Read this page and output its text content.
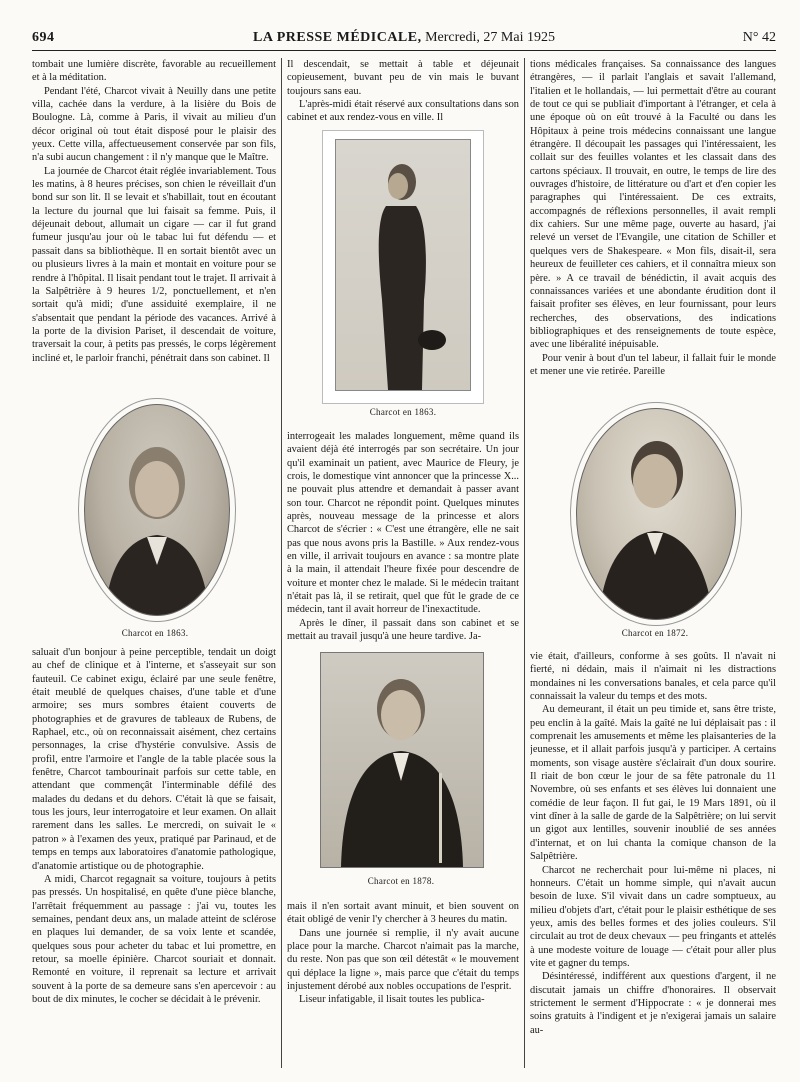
694	LA PRESSE MÉDICALE, Mercredi, 27 Mai 1925	N° 42

tombait une lumière discrète, favorable au recueillement et à la méditation.

Pendant l'été, Charcot vivait à Neuilly dans une petite villa, cachée dans la verdure, à la lisière du Bois de Boulogne. Là, comme à Paris, il vivait au milieu d'un décor original où tout était disposé pour le plaisir des yeux. Cette villa, affectueusement conservée par son fils, n'a subi aucun changement : il n'y manque que le Maître.

La journée de Charcot était réglée invariablement. Tous les matins, à 8 heures précises, son chien le réveillait d'un bond sur son lit. Il se levait et s'habillait, tout en écoutant la lecture du journal que lui faisait sa femme. Puis, il déjeunait debout, allumait un cigare — car il fut grand fumeur jusqu'au jour où le tabac lui fut défendu — et passait dans sa bibliothèque. Il en sortait bientôt avec un ou plusieurs livres à la main et montait en voiture pour se rendre à l'hôpital. Il lisait pendant tout le trajet. Il arrivait à la Salpêtrière à 9 heures 1/2, ponctuellement, et n'en sortait qu'à midi; d'une assiduité exemplaire, il ne s'absentait que pendant la période des vacances. Arrivé à la porte de la division Pariset, il descendait de voiture, traversait la cour, à petits pas pressés, le corps légèrement incliné et, le parloir franchi, pénétrait dans son cabinet. Il

Charcot en 1863.

saluait d'un bonjour à peine perceptible, tendait un doigt au chef de clinique et à l'interne, et s'asseyait sur son fauteuil. Ce cabinet exigu, éclairé par une seule fenêtre, était meublé de quelques chaises, d'une table et d'une armoire; ses murs sombres étaient couverts de photographies et de gravures de tableaux de Rubens, de Raphael, etc., où on reconnaissait aisément, chez certains personnages, la crise d'hystérie convulsive. Assis de profil, entre l'armoire et l'angle de la table placée sous la fenêtre, Charcot tambourinait parfois sur cette table, en attendant que commençât l'interminable défilé des malades du dedans et du dehors. C'était là que se faisait, tous les jours, leur interrogatoire et leur examen. On allait rarement dans les salles. Le mercredi, on suivait le « patron » à l'examen des yeux, pratiqué par Parinaud, et de temps en temps aux laboratoires d'anatomie pathologique, d'anatomie artistique ou de photographie.

A midi, Charcot regagnait sa voiture, toujours à petits pas pressés. Un hospitalisé, en quête d'une pièce blanche, l'arrêtait fréquemment au passage : j'ai vu, toutes les semaines, pendant deux ans, un malade atteint de sclérose en plaques lui demander, de sa voix lente et scandée, quelques sous pour acheter du tabac et lui promettre, en retour, sa moelle épinière. Charcot souriait et donnait. Remonté en voiture, il reprenait sa lecture et arrivait souvent à la porte de sa demeure sans s'en apercevoir : au bout de dix minutes, le cocher se décidait à le prévenir.

Il descendait, se mettait à table et déjeunait copieusement, buvant peu de vin mais le buvant toujours sans eau.

L'après-midi était réservé aux consultations dans son cabinet et aux rendez-vous en ville. Il

Charcot en 1863.

interrogeait les malades longuement, même quand ils avaient déjà été interrogés par son secrétaire. Un jour qu'il examinait un patient, avec Maurice de Fleury, je crois, le domestique vint annoncer que la princesse X... ne pouvait plus attendre et demandait à passer avant son tour. Charcot ne répondit point. Quelques minutes après, nouveau message de la princesse et alors Charcot de s'écrier : « C'est une étrangère, elle ne sait pas que nous avons pris la Bastille. » Aux rendez-vous en ville, il arrivait toujours en avance : sa montre plate à la main, il attendait l'heure fixée pour descendre de voiture et monter chez le malade. Si le médecin traitant n'était pas là, il se retirait, quel que fût le grade de ce médecin, tant il avait horreur de l'inexactitude.

Après le dîner, il passait dans son cabinet et se mettait au travail jusqu'à une heure tardive. Ja-

Charcot en 1878.

mais il n'en sortait avant minuit, et bien souvent on était obligé de venir l'y chercher à 3 heures du matin.

Dans une journée si remplie, il n'y avait aucune place pour la marche. Charcot n'aimait pas la marche, du reste. Non pas que son œil détestât « le mouvement qui déplace la ligne », mais parce que c'était du temps injustement dérobé aux nobles occupations de l'esprit.

Liseur infatigable, il lisait toutes les publica-

tions médicales françaises. Sa connaissance des langues étrangères, — il parlait l'anglais et savait l'allemand, l'italien et le hollandais, — lui permettait d'être au courant de tout ce qui se publiait d'important à l'étranger, et cela à une époque où on eût trouvé à la Faculté ou dans les Hôpitaux à peine trois médecins connaissant une langue étrangère. Il découpait les passages qui l'intéressaient, les collait sur des feuilles volantes et les classait dans des cartons spéciaux. Il trouvait, en outre, le temps de lire des ouvrages d'histoire, de littérature ou d'art et d'en copier les paragraphes qui l'intéressaient. De ces extraits, accompagnés de réflexions personnelles, il avait rempli dix cahiers. Sur une même page, ouverte au hasard, j'ai relevé un verset de l'Evangile, une citation de Schiller et quelques vers de Shakespeare. « Mon fils, disait-il, sera heureux de feuilleter ces cahiers, et il connaîtra mieux son père. » A ce travail de bénédictin, il avait acquis des connaissances variées et une abondante érudition dont il faisait profiter ses élèves, en leur fournissant, pour leurs recherches, des observations, des indications bibliographiques et des renseignements de toute espèce, avec une libéralité inépuisable.

Pour venir à bout d'un tel labeur, il fallait fuir le monde et mener une vie retirée. Pareille

Charcot en 1872.

vie était, d'ailleurs, conforme à ses goûts. Il n'avait ni fierté, ni dédain, mais il n'aimait ni les distractions mondaines ni les conversations banales, et cela parce qu'il connaissait la valeur du temps et des mots.

Au demeurant, il était un peu timide et, sans être triste, peu enclin à la gaîté. Mais la gaîté ne lui déplaisait pas : il comprenait les amusements et même les plaisanteries de la jeunesse, et il allait parfois jusqu'à y participer. A certains moments, son visage austère s'éclairait d'un doux sourire. Il riait de bon cœur le jour de sa fête patronale du 11 Novembre, où ses enfants et ses élèves lui donnaient une comédie de leur façon. Il fut gai, le 19 Mars 1891, où il vint dîner à la salle de garde de la Salpêtrière; on lui servit un gigot aux lentilles, souvenir inoublié de ses années d'internat, et on lui chanta la comique chanson de la Salpêtrière.

Charcot ne recherchait pour lui-même ni places, ni honneurs. C'était un homme simple, qui n'avait aucun besoin de luxe. S'il vivait dans un cadre somptueux, au milieu d'objets d'art, c'était pour le plaisir esthétique de ses yeux, amis des belles formes et des jolies couleurs. S'il circulait au trot de deux chevaux — peu fringants et attelés à une modeste voiture de louage — c'était pour aller plus vite et gagner du temps.

Désintéressé, indifférent aux questions d'argent, il ne discutait jamais un chiffre d'honoraires. Il observait strictement le serment d'Hippocrate : « je donnerai mes soins gratuits à l'indigent et je n'exigerai jamais un salaire au-
